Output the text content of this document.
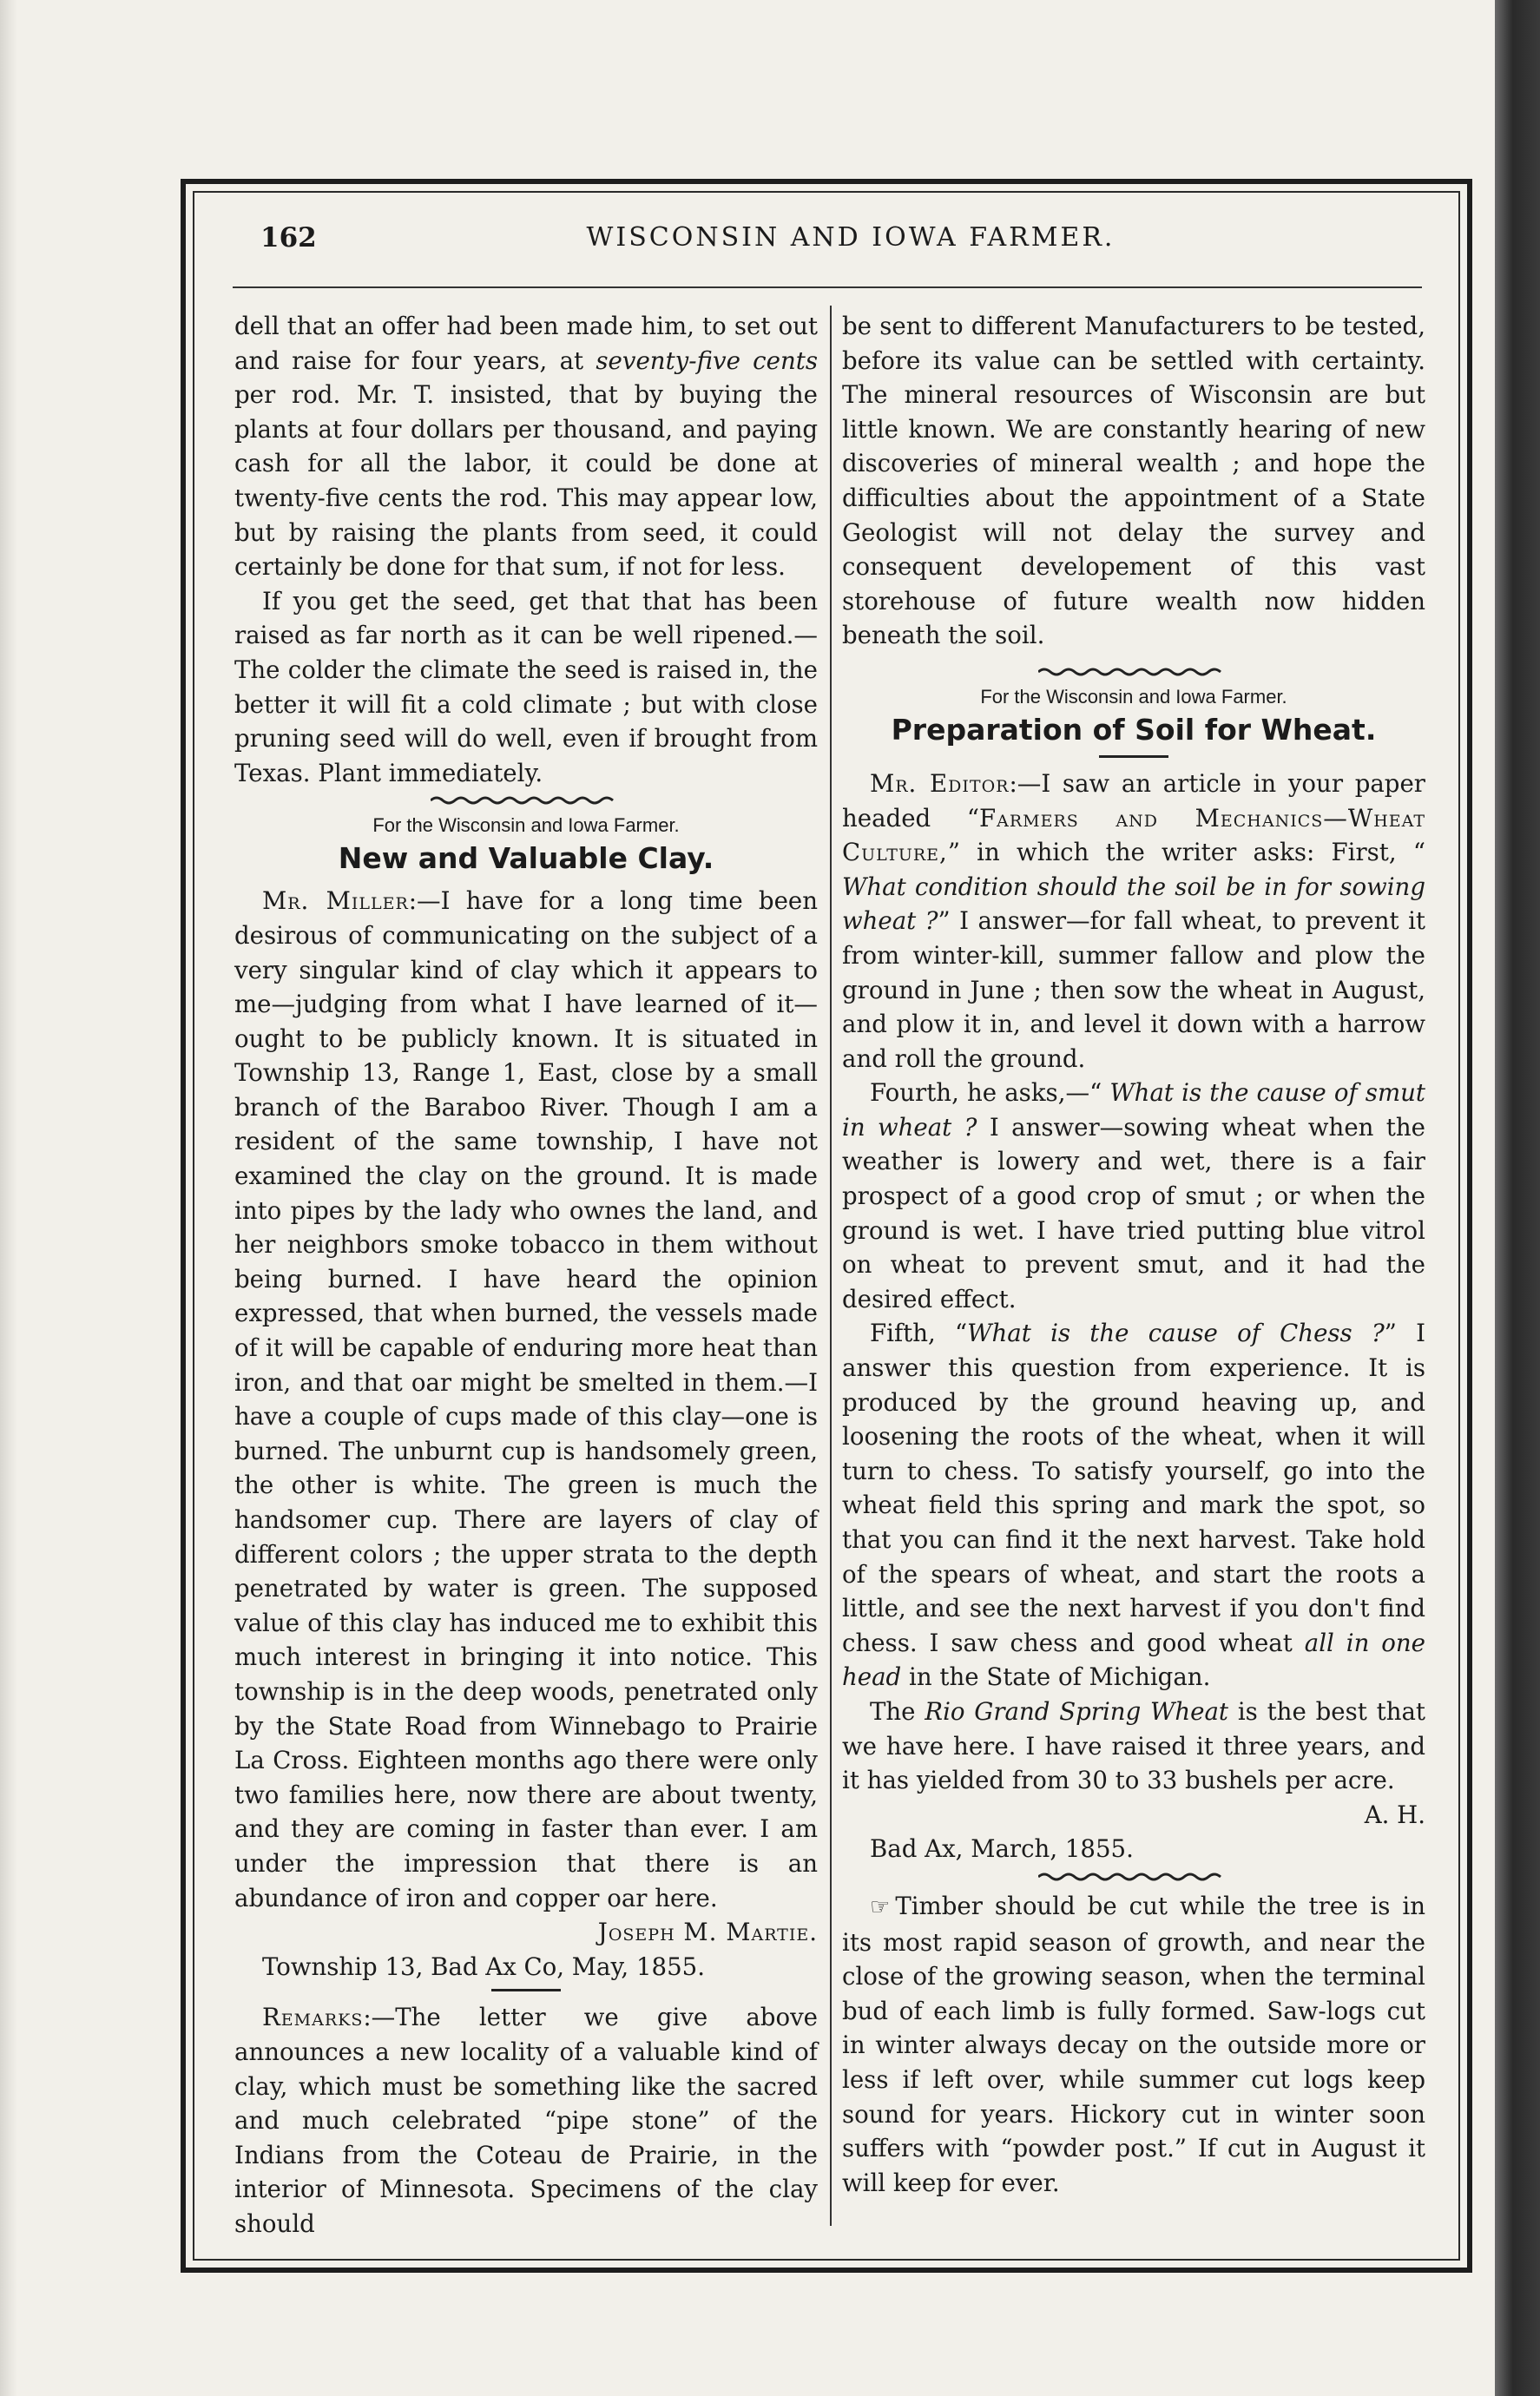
162	WISCONSIN AND IOWA FARMER.

dell that an offer had been made him, to set out and raise for four years, at seventy-five cents per rod. Mr. T. insisted, that by buying the plants at four dollars per thousand, and paying cash for all the labor, it could be done at twenty-five cents the rod. This may appear low, but by raising the plants from seed, it could certainly be done for that sum, if not for less.

If you get the seed, get that that has been raised as far north as it can be well ripened.—The colder the climate the seed is raised in, the better it will fit a cold climate ; but with close pruning seed will do well, even if brought from Texas. Plant immediately.

For the Wisconsin and Iowa Farmer.
New and Valuable Clay.

Mr. Miller:—I have for a long time been desirous of communicating on the subject of a very singular kind of clay which it appears to me—judging from what I have learned of it—ought to be publicly known. It is situated in Township 13, Range 1, East, close by a small branch of the Baraboo River. Though I am a resident of the same township, I have not examined the clay on the ground. It is made into pipes by the lady who ownes the land, and her neighbors smoke tobacco in them without being burned. I have heard the opinion expressed, that when burned, the vessels made of it will be capable of enduring more heat than iron, and that oar might be smelted in them.—I have a couple of cups made of this clay—one is burned. The unburnt cup is handsomely green, the other is white. The green is much the handsomer cup. There are layers of clay of different colors ; the upper strata to the depth penetrated by water is green. The supposed value of this clay has induced me to exhibit this much interest in bringing it into notice. This township is in the deep woods, penetrated only by the State Road from Winnebago to Prairie La Cross. Eighteen months ago there were only two families here, now there are about twenty, and they are coming in faster than ever. I am under the impression that there is an abundance of iron and copper oar here.

Joseph M. Martie.

Township 13, Bad Ax Co, May, 1855.

Remarks:—The letter we give above announces a new locality of a valuable kind of clay, which must be something like the sacred and much celebrated “pipe stone” of the Indians from the Coteau de Prairie, in the interior of Minnesota. Specimens of the clay should

be sent to different Manufacturers to be tested, before its value can be settled with certainty. The mineral resources of Wisconsin are but little known. We are constantly hearing of new discoveries of mineral wealth ; and hope the difficulties about the appointment of a State Geologist will not delay the survey and consequent developement of this vast storehouse of future wealth now hidden beneath the soil.

For the Wisconsin and Iowa Farmer.
Preparation of Soil for Wheat.

Mr. Editor:—I saw an article in your paper headed “Farmers and Mechanics—Wheat Culture,” in which the writer asks: First, “ What condition should the soil be in for sowing wheat ?” I answer—for fall wheat, to prevent it from winter-kill, summer fallow and plow the ground in June ; then sow the wheat in August, and plow it in, and level it down with a harrow and roll the ground.

Fourth, he asks,—“ What is the cause of smut in wheat ? I answer—sowing wheat when the weather is lowery and wet, there is a fair prospect of a good crop of smut ; or when the ground is wet. I have tried putting blue vitrol on wheat to prevent smut, and it had the desired effect.

Fifth, “What is the cause of Chess ?” I answer this question from experience. It is produced by the ground heaving up, and loosening the roots of the wheat, when it will turn to chess. To satisfy yourself, go into the wheat field this spring and mark the spot, so that you can find it the next harvest. Take hold of the spears of wheat, and start the roots a little, and see the next harvest if you don't find chess. I saw chess and good wheat all in one head in the State of Michigan.

The Rio Grand Spring Wheat is the best that we have here. I have raised it three years, and it has yielded from 30 to 33 bushels per acre.

A. H.

Bad Ax, March, 1855.

☞ Timber should be cut while the tree is in its most rapid season of growth, and near the close of the growing season, when the terminal bud of each limb is fully formed. Saw-logs cut in winter always decay on the outside more or less if left over, while summer cut logs keep sound for years. Hickory cut in winter soon suffers with “powder post.” If cut in August it will keep for ever.
